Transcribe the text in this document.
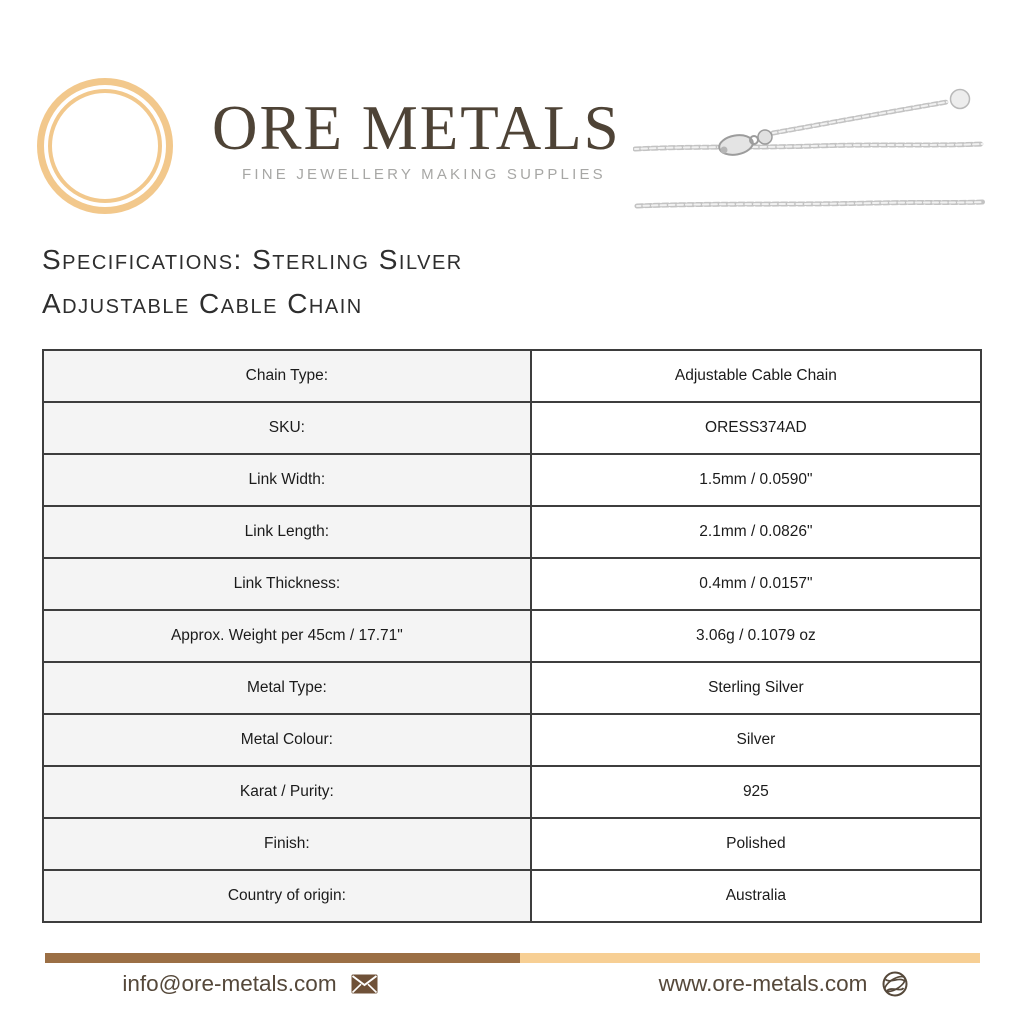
ORE METALS
FINE JEWELLERY MAKING SUPPLIES
Specifications: Sterling Silver
Adjustable Cable Chain
Chain Type:	Adjustable Cable Chain
SKU:	ORESS374AD
Link Width:	1.5mm / 0.0590"
Link Length:	2.1mm / 0.0826"
Link Thickness:	0.4mm / 0.0157"
Approx. Weight per 45cm / 17.71"	3.06g / 0.1079 oz
Metal Type:	Sterling Silver
Metal Colour:	Silver
Karat / Purity:	925
Finish:	Polished
Country of origin:	Australia
info@ore-metals.com	www.ore-metals.com
